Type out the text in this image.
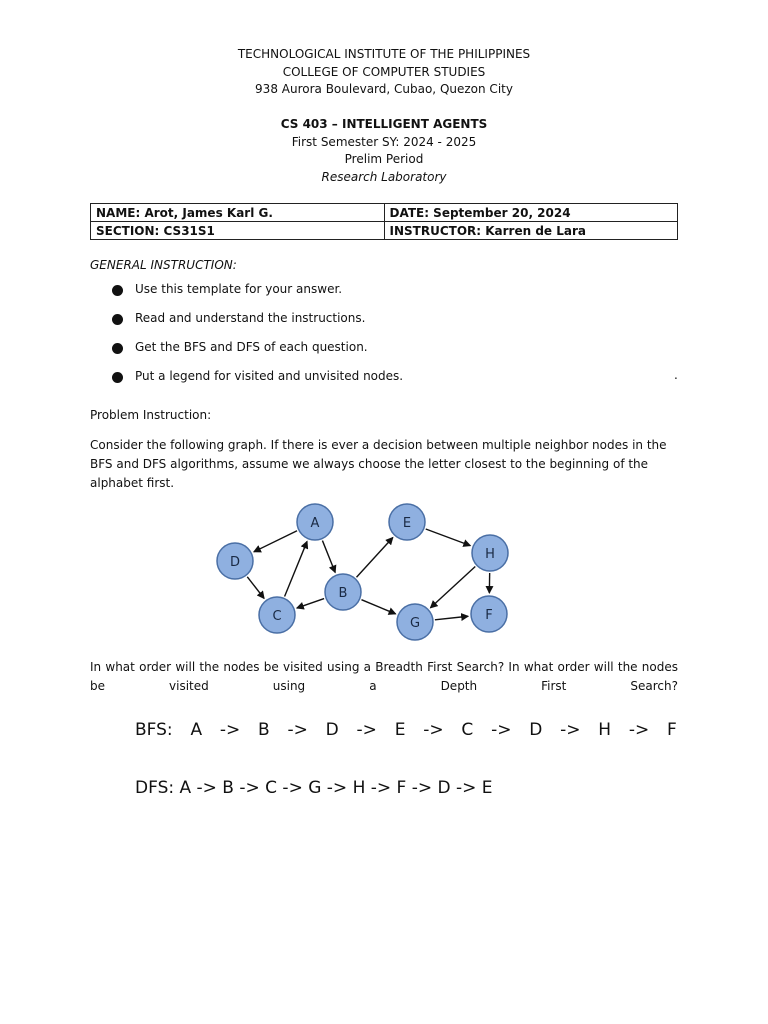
TECHNOLOGICAL INSTITUTE OF THE PHILIPPINES
COLLEGE OF COMPUTER STUDIES
938 Aurora Boulevard, Cubao, Quezon City
CS 403 – INTELLIGENT AGENTS
First Semester SY: 2024 - 2025
Prelim Period
Research Laboratory
NAME: Arot, James Karl G.	DATE: September 20, 2024
SECTION: CS31S1	INSTRUCTOR: Karren de Lara
GENERAL INSTRUCTION:
Use this template for your answer.
Read and understand the instructions.
Get the BFS and DFS of each question.
Put a legend for visited and unvisited nodes.	.
Problem Instruction:
Consider the following graph. If there is ever a decision between multiple neighbor nodes in the BFS and DFS algorithms, assume we always choose the letter closest to the beginning of the alphabet first.
A
B
C
D
E
F
G
H
In what order will the nodes be visited using a Breadth First Search? In what order will the nodes be visited using a Depth First Search?
BFS: A -> B -> D -> E -> C -> D -> H -> F
DFS: A -> B -> C -> G -> H -> F -> D -> E
